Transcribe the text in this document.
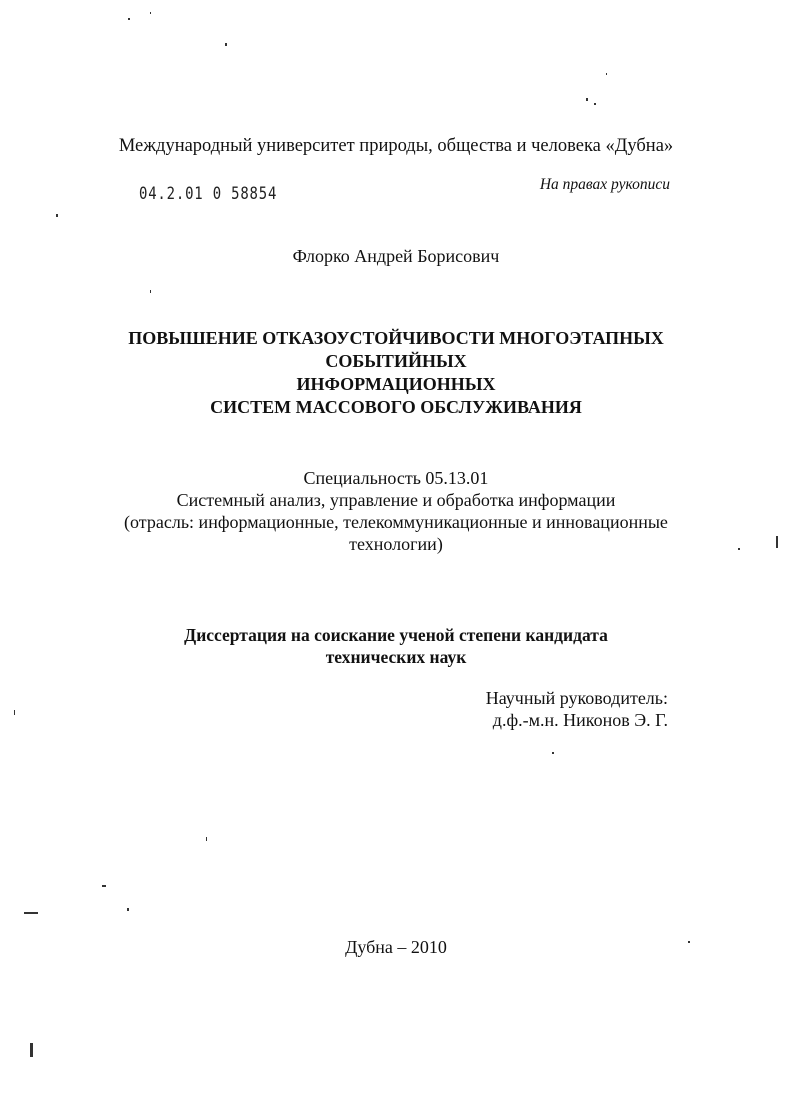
Международный университет природы, общества и человека «Дубна»
04.2.01 0 58854	На правах рукописи
Флорко Андрей Борисович
ПОВЫШЕНИЕ ОТКАЗОУСТОЙЧИВОСТИ МНОГОЭТАПНЫХ
СОБЫТИЙНЫХ
ИНФОРМАЦИОННЫХ
СИСТЕМ МАССОВОГО ОБСЛУЖИВАНИЯ
Специальность 05.13.01
Системный анализ, управление и обработка информации
(отрасль: информационные, телекоммуникационные и инновационные
технологии)
Диссертация на соискание ученой степени кандидата
технических наук
Научный руководитель:
д.ф.-м.н. Никонов Э. Г.
Дубна – 2010
